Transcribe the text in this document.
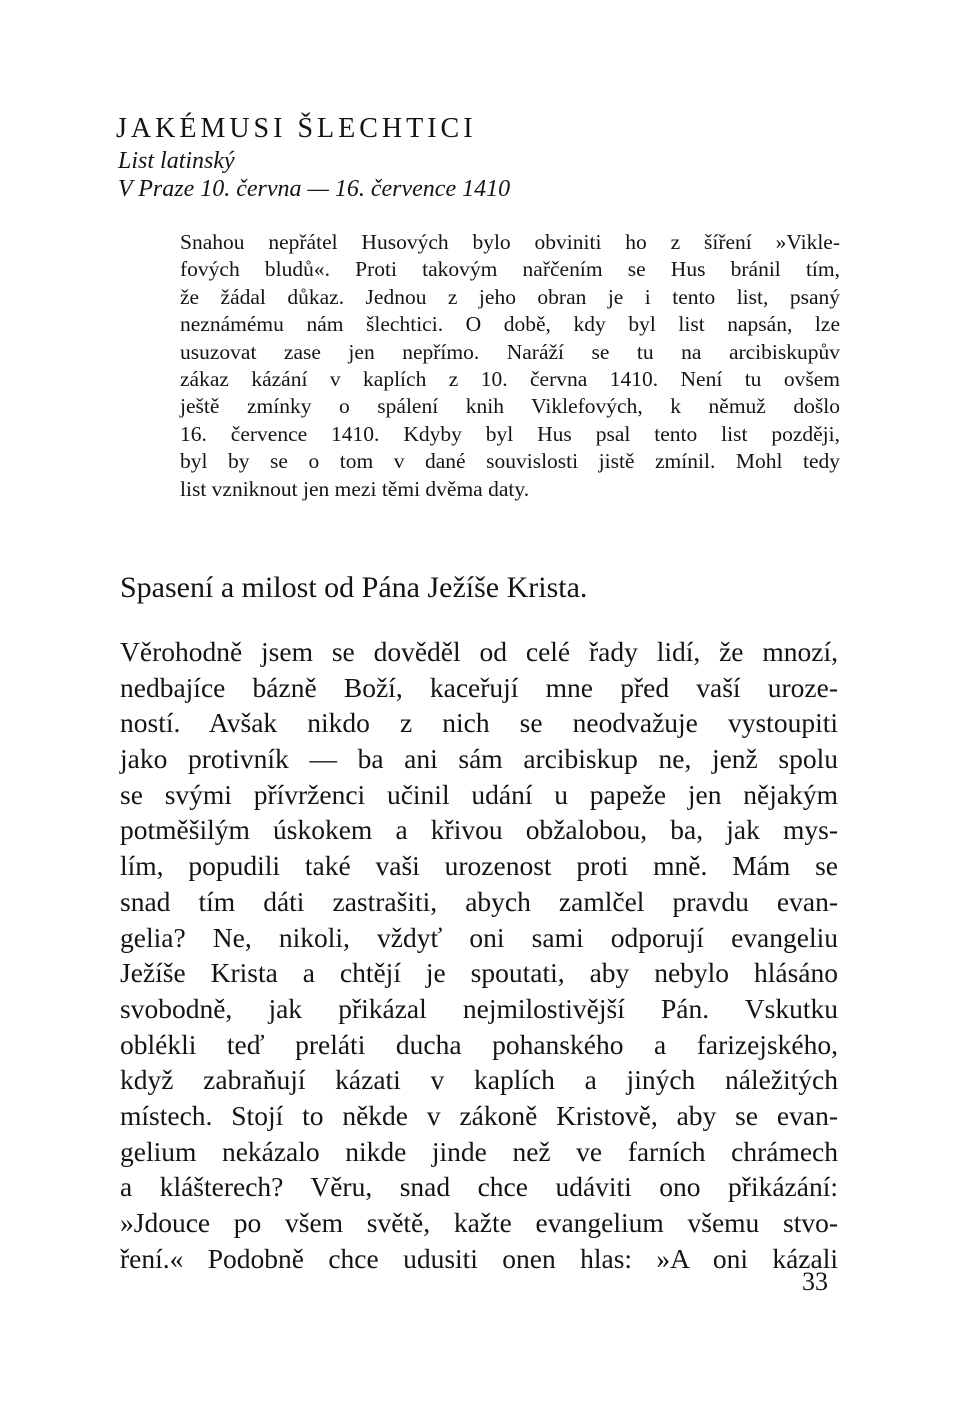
JAKÉMUSI ŠLECHTICI
List latinský
V Praze 10. června — 16. července 1410
Snahou nepřátel Husových bylo obviniti ho z šíření »Vikle-
fových bludů«. Proti takovým nařčením se Hus bránil tím,
že žádal důkaz. Jednou z jeho obran je i tento list, psaný
neznámému nám šlechtici. O době, kdy byl list napsán, lze
usuzovat zase jen nepřímo. Naráží se tu na arcibiskupův
zákaz kázání v kaplích z 10. června 1410. Není tu ovšem
ještě zmínky o spálení knih Viklefových, k němuž došlo
16. července 1410. Kdyby byl Hus psal tento list později,
byl by se o tom v dané souvislosti jistě zmínil. Mohl tedy
list vzniknout jen mezi těmi dvěma daty.
Spasení a milost od Pána Ježíše Krista.
Věrohodně jsem se dověděl od celé řady lidí, že mnozí,
nedbajíce bázně Boží, kaceřují mne před vaší uroze-
ností. Avšak nikdo z nich se neodvažuje vystoupiti
jako protivník — ba ani sám arcibiskup ne, jenž spolu
se svými přívrženci učinil udání u papeže jen nějakým
potměšilým úskokem a křivou obžalobou, ba, jak mys-
lím, popudili také vaši urozenost proti mně. Mám se
snad tím dáti zastrašiti, abych zamlčel pravdu evan-
gelia? Ne, nikoli, vždyť oni sami odporují evangeliu
Ježíše Krista a chtějí je spoutati, aby nebylo hlásáno
svobodně, jak přikázal nejmilostivější Pán. Vskutku
oblékli teď preláti ducha pohanského a farizejského,
když zabraňují kázati v kaplích a jiných náležitých
místech. Stojí to někde v zákoně Kristově, aby se evan-
gelium nekázalo nikde jinde než ve farních chrámech
a klášterech? Věru, snad chce udáviti ono přikázání:
»Jdouce po všem světě, kažte evangelium všemu stvo-
ření.« Podobně chce udusiti onen hlas: »A oni kázali
33
